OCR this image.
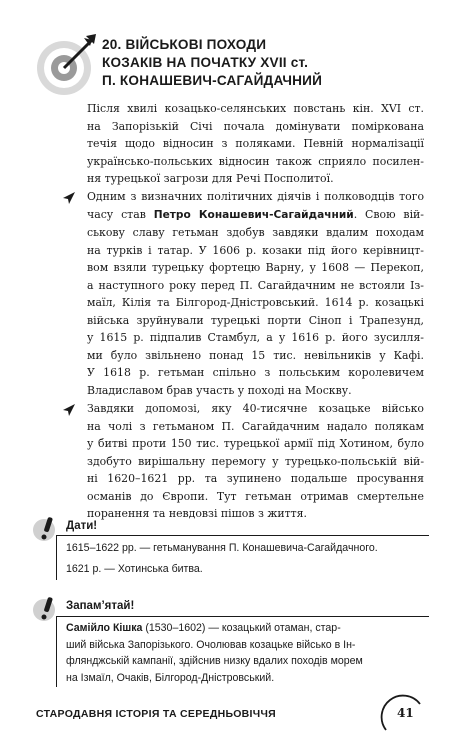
20. ВІЙСЬКОВІ ПОХОДИ
КОЗАКІВ НА ПОЧАТКУ XVII ст.
П. КОНАШЕВИЧ-САГАЙДАЧНИЙ
Після хвилі козацько-селянських повстань кін. XVI ст.
на Запорізькій Січі почала домінувати поміркована
течія щодо відносин з поляками. Певній нормалізації
українсько-польських відносин також сприяло посилен-
ня турецької загрози для Речі Посполитої.
Одним з визначних політичних діячів і полководців того
часу став Петро Конашевич-Сагайдачний. Свою вій-
ськову славу гетьман здобув завдяки вдалим походам
на турків і татар. У 1606 р. козаки під його керівницт-
вом взяли турецьку фортецю Варну, у 1608 — Перекоп,
а наступного року перед П. Сагайдачним не встояли Із-
маїл, Кілія та Білгород-Дністровський. 1614 р. козацькі
війська зруйнували турецькі порти Сіноп і Трапезунд,
у 1615 р. підпалив Стамбул, а у 1616 р. його зусилля-
ми було звільнено понад 15 тис. невільників у Кафі.
У 1618 р. гетьман спільно з польським королевичем
Владиславом брав участь у поході на Москву.
Завдяки допомозі, яку 40-тисячне козацьке військо
на чолі з гетьманом П. Сагайдачним надало полякам
у битві проти 150 тис. турецької армії під Хотином, було
здобуто вирішальну перемогу у турецько-польській вій-
ні 1620–1621 рр. та зупинено подальше просування
османів до Європи. Тут гетьман отримав смертельне
поранення та невдовзі пішов з життя.
Дати!
1615–1622 рр. — гетьманування П. Конашевича-Сагайдачного.
1621 р. — Хотинська битва.
Запам’ятай!
Самійло Кішка (1530–1602) — козацький отаман, стар-
ший війська Запорізького. Очолював козацьке військо в Ін-
флянджській кампанії, здійснив низку вдалих походів морем
на Ізмаїл, Очаків, Білгород-Дністровський.
СТАРОДАВНЯ ІСТОРІЯ ТА СЕРЕДНЬОВІЧЧЯ	41
